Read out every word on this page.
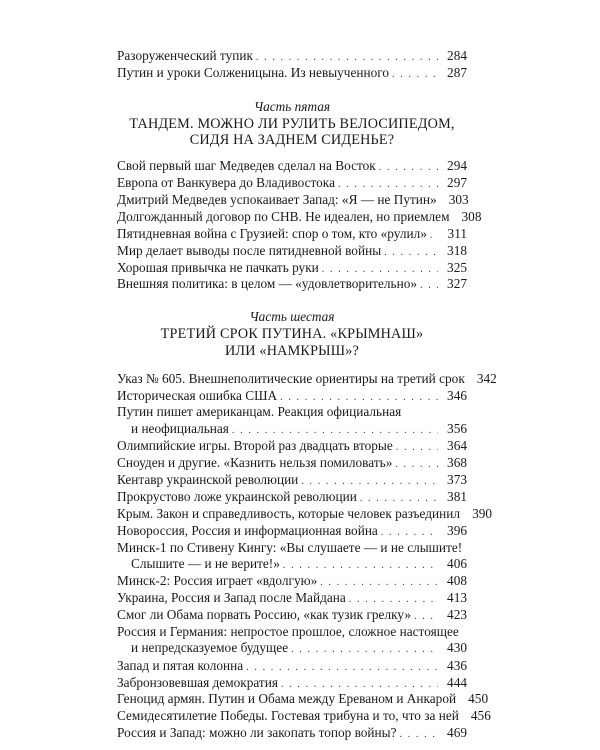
Разоруженческий тупик . . .	284
Путин и уроки Солженицына. Из невыученного . . .	287
Часть пятая
ТАНДЕМ. МОЖНО ЛИ РУЛИТЬ ВЕЛОСИПЕДОМ,
СИДЯ НА ЗАДНЕМ СИДЕНЬЕ?
Свой первый шаг Медведев сделал на Восток . . .	294
Европа от Ванкувера до Владивостока . . .	297
Дмитрий Медведев успокаивает Запад: «Я — не Путин» 303
Долгожданный договор по СНВ. Не идеален, но приемлем 308
Пятидневная война с Грузией: спор о том, кто «рулил» . . .	311
Мир делает выводы после пятидневной войны . . .	318
Хорошая привычка не пачкать руки . . .	325
Внешняя политика: в целом — «удовлетворительно» . . .	327
Часть шестая
ТРЕТИЙ СРОК ПУТИНА. «КРЫМНАШ»
ИЛИ «НАМКРЫШ»?
Указ № 605. Внешнеполитические ориентиры на третий срок 342
Историческая ошибка США . . .	346
Путин пишет американцам. Реакция официальная
и неофициальная . . .	356
Олимпийские игры. Второй раз двадцать вторые . . .	364
Сноуден и другие. «Казнить нельзя помиловать» . . .	368
Кентавр украинской революции . . .	373
Прокрустово ложе украинской революции . . .	381
Крым. Закон и справедливость, которые человек разъединил 390
Новороссия, Россия и информационная война . . .	396
Минск-1 по Стивену Кингу: «Вы слушаете — и не слышите!
Слышите — и не верите!» . . .	406
Минск-2: Россия играет «вдолгую» . . .	408
Украина, Россия и Запад после Майдана . . .	413
Смог ли Обама порвать Россию, «как тузик грелку» . . .	423
Россия и Германия: непростое прошлое, сложное настоящее
и непредсказуемое будущее . . .	430
Запад и пятая колонна . . .	436
Забронзовевшая демократия . . .	444
Геноцид армян. Путин и Обама между Ереваном и Анкарой 450
Семидесятилетие Победы. Гостевая трибуна и то, что за ней 456
Россия и Запад: можно ли закопать топор войны? . . .	469
